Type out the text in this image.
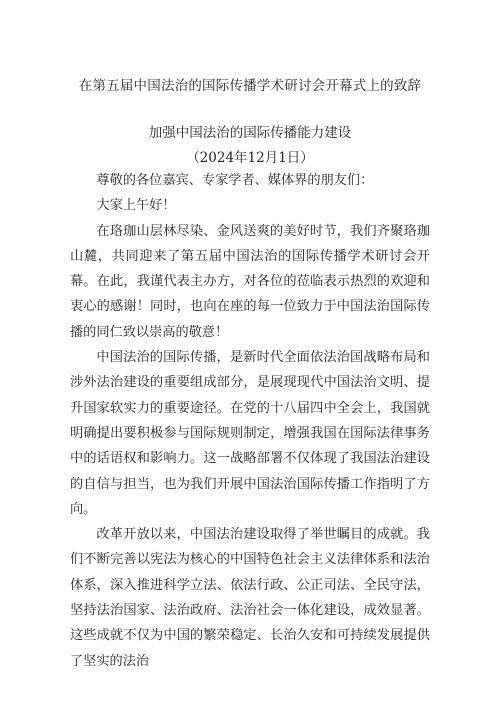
在第五届中国法治的国际传播学术研讨会开幕式上的致辞
加强中国法治的国际传播能力建设
（2024年12月1日）

尊敬的各位嘉宾、专家学者、媒体界的朋友们：

大家上午好！

在珞珈山层林尽染、金风送爽的美好时节，我们齐聚珞珈山麓，共同迎来了第五届中国法治的国际传播学术研讨会开幕。在此，我谨代表主办方，对各位的莅临表示热烈的欢迎和衷心的感谢！同时，也向在座的每一位致力于中国法治国际传播的同仁致以崇高的敬意！

中国法治的国际传播，是新时代全面依法治国战略布局和涉外法治建设的重要组成部分，是展现现代中国法治文明、提升国家软实力的重要途径。在党的十八届四中全会上，我国就明确提出要积极参与国际规则制定，增强我国在国际法律事务中的话语权和影响力。这一战略部署不仅体现了我国法治建设的自信与担当，也为我们开展中国法治国际传播工作指明了方向。

改革开放以来，中国法治建设取得了举世瞩目的成就。我们不断完善以宪法为核心的中国特色社会主义法律体系和法治体系，深入推进科学立法、依法行政、公正司法、全民守法，坚持法治国家、法治政府、法治社会一体化建设，成效显著。这些成就不仅为中国的繁荣稳定、长治久安和可持续发展提供了坚实的法治
